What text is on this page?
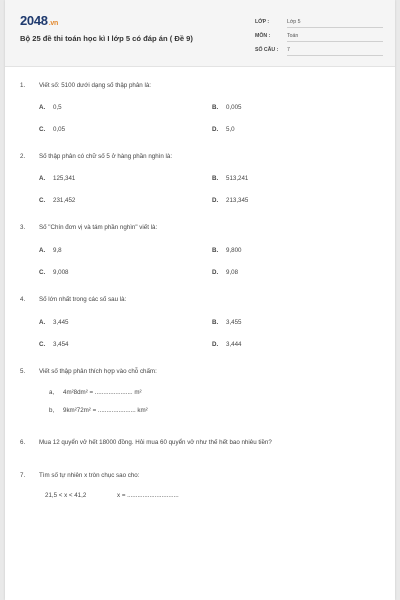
2048.vn
Bộ 25 đề thi toán học kì I lớp 5 có đáp án ( Đề 9)
LỚP :	Lớp 5
MÔN :	Toán
SỐ CÂU : 7
1. Viết số: 5100 dưới dạng số thập phân là:
A. 0,5	B. 0,005
C. 0,05	D. 5,0
2. Số thập phân có chữ số 5 ở hàng phần nghìn là:
A. 125,341	B. 513,241
C. 231,452	D. 213,345
3. Số "Chín đơn vị và tám phần nghìn" viết là:
A. 9,8	B. 9,800
C. 9,008	D. 9,08
4. Số lớn nhất trong các số sau là:
A. 3,445	B. 3,455
C. 3,454	D. 3,444
5. Viết số thập phân thích hợp vào chỗ chấm:
a, 4m²8dm² = ...................... m²
b, 9km²72m² = ...................... km²
6. Mua 12 quyển vở hết 18000 đồng. Hỏi mua 60 quyển vở như thế hết bao nhiêu tiền?
7. Tìm số tự nhiên x tròn chục sao cho:
21,5 < x < 41,2	x = ..............................
